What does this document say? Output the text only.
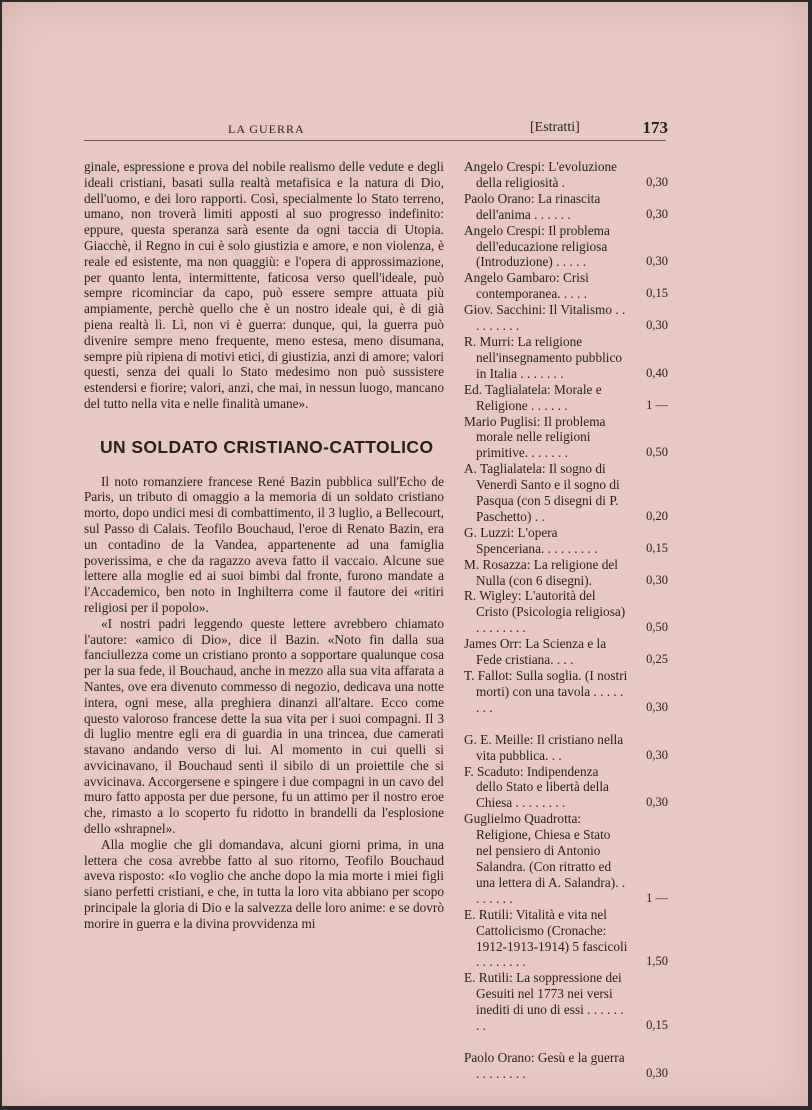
LA GUERRA	[Estratti]	173

ginale, espressione e prova del nobile realismo delle vedute e degli ideali cristiani, basati sulla realtà metafisica e la natura di Dio, dell'uomo, e dei loro rapporti. Così, specialmente lo Stato terreno, umano, non troverà limiti apposti al suo progresso indefinito: eppure, questa speranza sarà esente da ogni taccia di Utopia. Giacchè, il Regno in cui è solo giustizia e amore, e non violenza, è reale ed esistente, ma non quaggiù: e l'opera di approssimazione, per quanto lenta, intermittente, faticosa verso quell'ideale, può sempre ricominciar da capo, può essere sempre attuata più ampiamente, perchè quello che è un nostro ideale qui, è di già piena realtà lì. Lì, non vi è guerra: dunque, qui, la guerra può divenire sempre meno frequente, meno estesa, meno disumana, sempre più ripiena di motivi etici, di giustizia, anzi di amore; valori questi, senza dei quali lo Stato medesimo non può sussistere estendersi e fiorire; valori, anzi, che mai, in nessun luogo, mancano del tutto nella vita e nelle finalità umane».

UN SOLDATO CRISTIANO-CATTOLICO

Il noto romanziere francese René Bazin pubblica sull'Echo de Paris, un tributo di omaggio a la memoria di un soldato cristiano morto, dopo undici mesi di combattimento, il 3 luglio, a Bellecourt, sul Passo di Calais. Teofilo Bouchaud, l'eroe di Renato Bazin, era un contadino de la Vandea, appartenente ad una famiglia poverissima, e che da ragazzo aveva fatto il vaccaio. Alcune sue lettere alla moglie ed ai suoi bimbi dal fronte, furono mandate a l'Accademico, ben noto in Inghilterra come il fautore dei «ritiri religiosi per il popolo».

«I nostri padri leggendo queste lettere avrebbero chiamato l'autore: «amico di Dio», dice il Bazin. «Noto fin dalla sua fanciullezza come un cristiano pronto a sopportare qualunque cosa per la sua fede, il Bouchaud, anche in mezzo alla sua vita affarata a Nantes, ove era divenuto commesso di negozio, dedicava una notte intera, ogni mese, alla preghiera dinanzi all'altare. Ecco come questo valoroso francese dette la sua vita per i suoi compagni. Il 3 di luglio mentre egli era di guardia in una trincea, due camerati stavano andando verso di lui. Al momento in cui quelli si avvicinavano, il Bouchaud sentì il sibilo di un proiettile che si avvicinava. Accorgersene e spingere i due compagni in un cavo del muro fatto apposta per due persone, fu un attimo per il nostro eroe che, rimasto a lo scoperto fu ridotto in brandelli da l'esplosione dello «shrapnel».

Alla moglie che gli domandava, alcuni giorni prima, in una lettera che cosa avrebbe fatto al suo ritorno, Teofilo Bouchaud aveva risposto: «Io voglio che anche dopo la mia morte i miei figli siano perfetti cristiani, e che, in tutta la loro vita abbiano per scopo principale la gloria di Dio e la salvezza delle loro anime: e se dovrò morire in guerra e la divina provvidenza mi

Angelo Crespi: L'evoluzione della religiosità .	0,30
Paolo Orano: La rinascita dell'anima . . . . . .	0,30
Angelo Crespi: Il problema dell'educazione religiosa (Introduzione) . . . . .	0,30
Angelo Gambaro: Crisi contemporanea. . . . .	0,15
Giov. Sacchini: Il Vitalismo . . . . . . . . .	0,30
R. Murri: La religione nell'insegnamento pubblico in Italia . . . . . . .	0,40
Ed. Taglialatela: Morale e Religione . . . . . .	1 —
Mario Puglisi: Il problema morale nelle religioni primitive. . . . . . .	0,50
A. Taglialatela: Il sogno di Venerdì Santo e il sogno di Pasqua (con 5 disegni di P. Paschetto) . .	0,20
G. Luzzi: L'opera Spenceriana. . . . . . . . .	0,15
M. Rosazza: La religione del Nulla (con 6 disegni).	0,30
R. Wigley: L'autorità del Cristo (Psicologia religiosa) . . . . . . . .	0,50
James Orr: La Scienza e la Fede cristiana. . . .	0,25
T. Fallot: Sulla soglia. (I nostri morti) con una tavola . . . . . . . .	0,30
G. E. Meille: Il cristiano nella vita pubblica. . .	0,30
F. Scaduto: Indipendenza dello Stato e libertà della Chiesa . . . . . . . .	0,30
Guglielmo Quadrotta: Religione, Chiesa e Stato nel pensiero di Antonio Salandra. (Con ritratto ed una lettera di A. Salandra). . . . . . . .	1 —
E. Rutili: Vitalità e vita nel Cattolicismo (Cronache: 1912-1913-1914) 5 fascicoli . . . . . . . .	1,50
E. Rutili: La soppressione dei Gesuiti nel 1773 nei versi inediti di uno di essi . . . . . . . .	0,15
Paolo Orano: Gesù e la guerra . . . . . . . .	0,30
